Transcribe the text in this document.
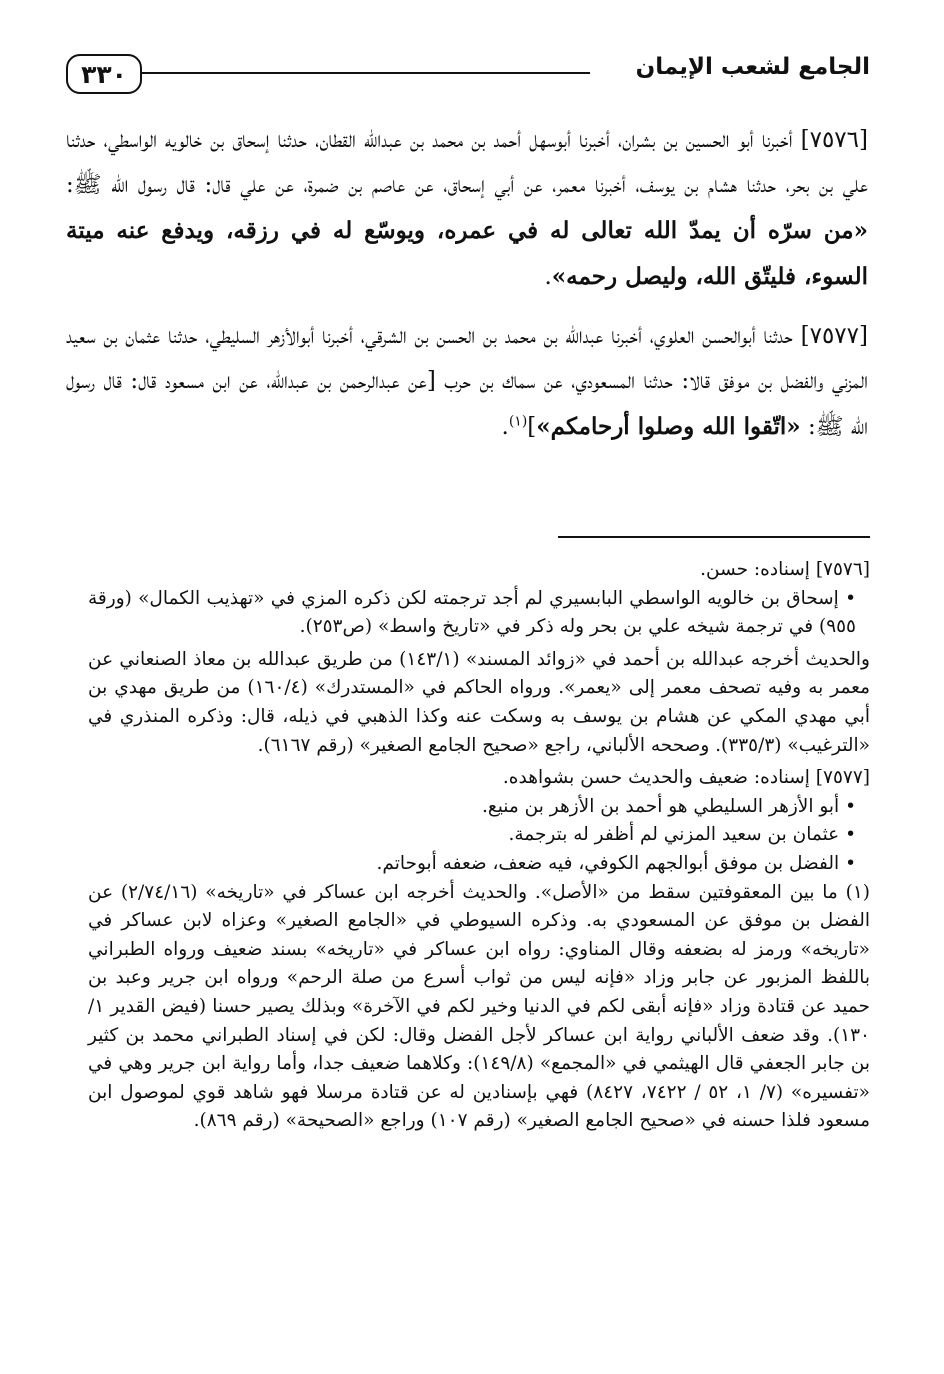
٣٣٠	الجامع لشعب الإيمان

[٧٥٧٦] أخبرنا أبو الحسين بن بشران، أخبرنا أبوسهل أحمد بن محمد بن عبدالله القطان، حدثنا إسحاق بن خالويه الواسطي، حدثنا علي بن بحر، حدثنا هشام بن يوسف، أخبرنا معمر، عن أبي إسحاق، عن عاصم بن ضمرة، عن علي قال: قال رسول الله ﷺ: «من سرّه أن يمدّ الله تعالى له في عمره، ويوسّع له في رزقه، ويدفع عنه ميتة السوء، فليتّق الله، وليصل رحمه».

[٧٥٧٧] حدثنا أبوالحسن العلوي، أخبرنا عبدالله بن محمد بن الحسن بن الشرقي، أخبرنا أبوالأزهر السليطي، حدثنا عثمان بن سعيد المزني والفضل بن موفق قالا: حدثنا المسعودي، عن سماك بن حرب [عن عبدالرحمن بن عبدالله، عن ابن مسعود قال: قال رسول الله ﷺ: «اتّقوا الله وصلوا أرحامكم»]$^{(١)}$.

[٧٥٧٦] إسناده: حسن.

• إسحاق بن خالويه الواسطي البابسيري لم أجد ترجمته لكن ذكره المزي في «تهذيب الكمال» (ورقة ٩٥٥) في ترجمة شيخه علي بن بحر وله ذكر في «تاريخ واسط» (ص٢٥٣).

والحديث أخرجه عبدالله بن أحمد في «زوائد المسند» (١٤٣/١) من طريق عبدالله بن معاذ الصنعاني عن معمر به وفيه تصحف معمر إلى «يعمر». ورواه الحاكم في «المستدرك» (١٦٠/٤) من طريق مهدي بن أبي مهدي المكي عن هشام بن يوسف به وسكت عنه وكذا الذهبي في ذيله، قال: وذكره المنذري في «الترغيب» (٣٣٥/٣). وصححه الألباني، راجع «صحيح الجامع الصغير» (رقم ٦١٦٧).

[٧٥٧٧] إسناده: ضعيف والحديث حسن بشواهده.

• أبو الأزهر السليطي هو أحمد بن الأزهر بن منيع.

• عثمان بن سعيد المزني لم أظفر له بترجمة.

• الفضل بن موفق أبوالجهم الكوفي، فيه ضعف، ضعفه أبوحاتم.

(١) ما بين المعقوفتين سقط من «الأصل». والحديث أخرجه ابن عساكر في «تاريخه» (٢/٧٤/١٦) عن الفضل بن موفق عن المسعودي به. وذكره السيوطي في «الجامع الصغير» وعزاه لابن عساكر في «تاريخه» ورمز له بضعفه وقال المناوي: رواه ابن عساكر في «تاريخه» بسند ضعيف ورواه الطبراني باللفظ المزبور عن جابر وزاد «فإنه ليس من ثواب أسرع من صلة الرحم» ورواه ابن جرير وعبد بن حميد عن قتادة وزاد «فإنه أبقى لكم في الدنيا وخير لكم في الآخرة» وبذلك يصير حسنا (فيض القدير ١/ ١٣٠). وقد ضعف الألباني رواية ابن عساكر لأجل الفضل وقال: لكن في إسناد الطبراني محمد بن كثير بن جابر الجعفي قال الهيثمي في «المجمع» (١٤٩/٨): وكلاهما ضعيف جدا، وأما رواية ابن جرير وهي في «تفسيره» (٧/ ١، ٥٢ / ٧٤٢٢، ٨٤٢٧) فهي بإسنادين له عن قتادة مرسلا فهو شاهد قوي لموصول ابن مسعود فلذا حسنه في «صحيح الجامع الصغير» (رقم ١٠٧) وراجع «الصحيحة» (رقم ٨٦٩).
